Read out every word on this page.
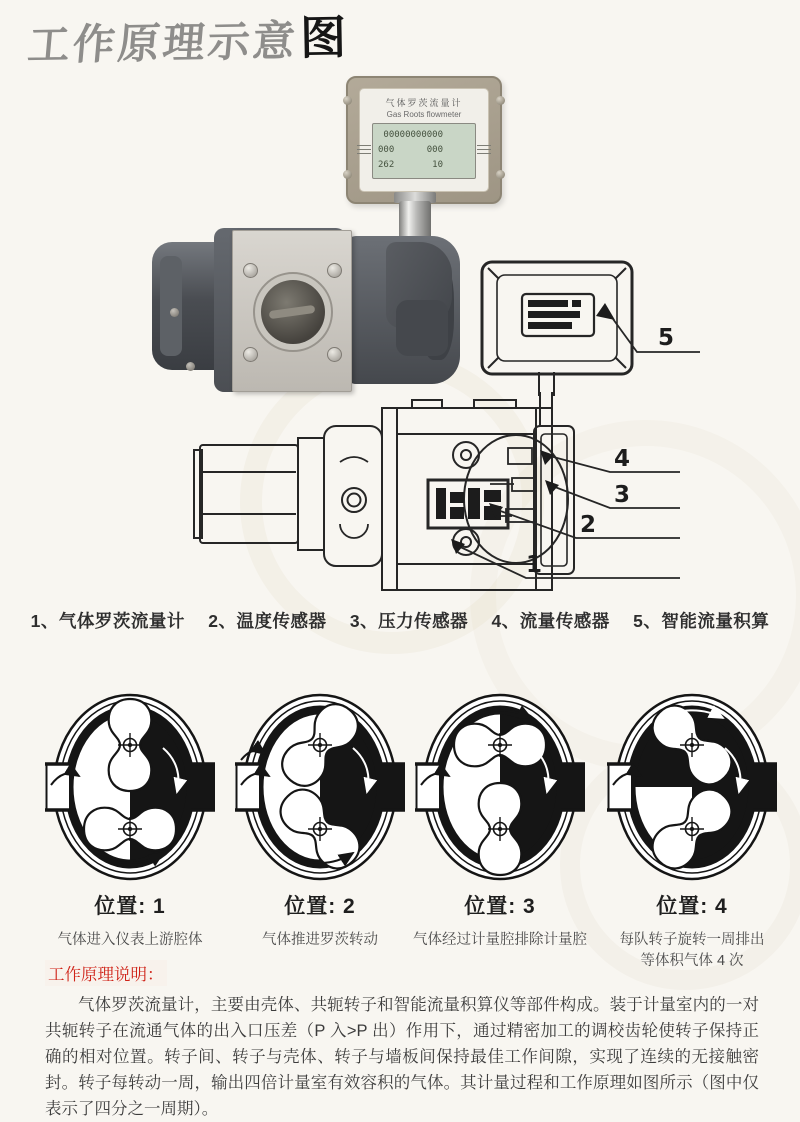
工作原理示意 图
气体罗茨流量计
Gas Roots flowmeter
00000000000
000      000
262       10
5
4
3
2
1
1、气体罗茨流量计 2、温度传感器 3、压力传感器 4、流量传感器 5、智能流量积算
位置: 1
气体进入仪表上游腔体
位置: 2
气体推进罗茨转动
位置: 3
气体经过计量腔排除计量腔
位置: 4
每队转子旋转一周排出等体积气体 4 次
工作原理说明：
气体罗茨流量计，主要由壳体、共轭转子和智能流量积算仪等部件构成。装于计量室内的一对共轭转子在流通气体的出入口压差（P 入>P 出）作用下，通过精密加工的调校齿轮使转子保持正确的相对位置。转子间、转子与壳体、转子与墙板间保持最佳工作间隙，实现了连续的无接触密封。转子每转动一周，输出四倍计量室有效容积的气体。其计量过程和工作原理如图所示（图中仅表示了四分之一周期）。
